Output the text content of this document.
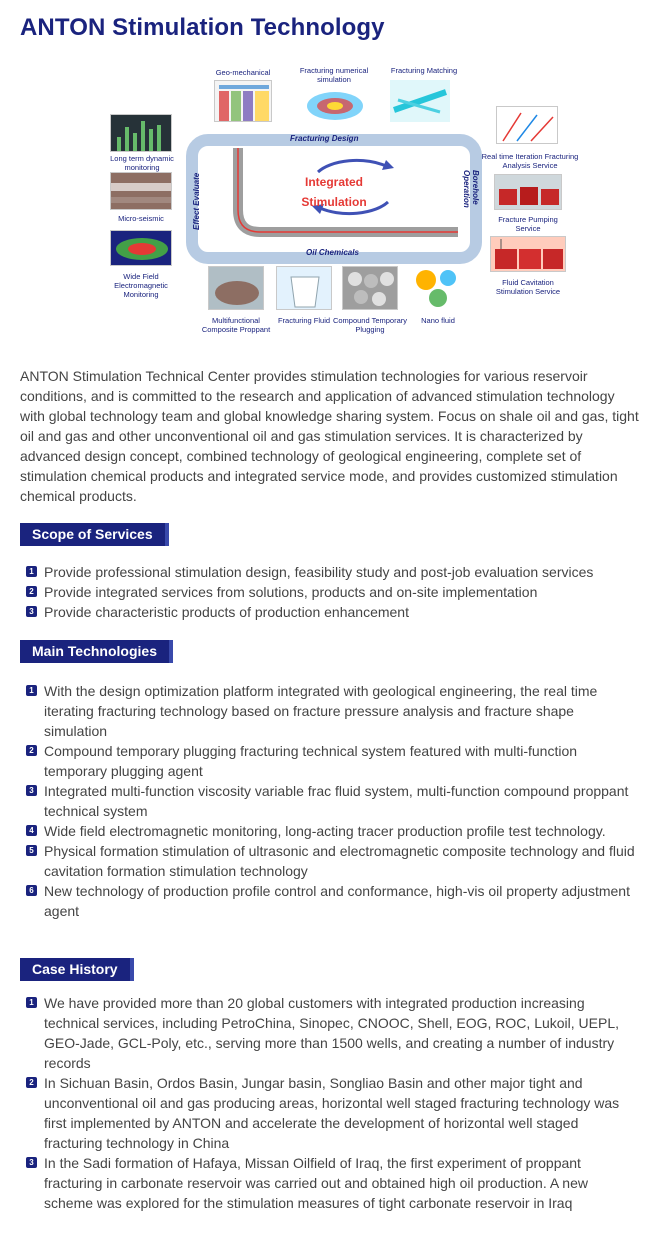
ANTON Stimulation Technology
Geo-mechanical	Fracturing numerical simulation
Fracturing Matching
Real time Iteration Fracturing Analysis Service
Fracture Pumping Service
Fluid Cavitation Stimulation Service
Long term dynamic monitoring
Micro-seismic
Wide Field Electromagnetic Monitoring
Multifunctional Composite Proppant
Fracturing Fluid Compound Temporary Plugging
Nano fluid
Fracturing Design
Oil Chemicals
Effect Evaluate	Borehole Operation
Integrated
Stimulation

ANTON Stimulation Technical Center provides stimulation technologies for various reservoir conditions, and is committed to the research and application of advanced stimulation technology with global technology team and global knowledge sharing system. Focus on shale oil and gas, tight oil and gas and other unconventional oil and gas stimulation services. It is characterized by advanced design concept, combined technology of geological engineering, complete set of stimulation chemical products and integrated service mode, and provides customized stimulation chemical products.

Scope of Services
1 Provide professional stimulation design, feasibility study and post-job evaluation services
2 Provide integrated services from solutions, products and on-site implementation
3 Provide characteristic products of production enhancement
Main Technologies
1 With the design optimization platform integrated with geological engineering, the real time iterating fracturing technology based on fracture pressure analysis and fracture shape simulation
2 Compound temporary plugging fracturing technical system featured with multi-function temporary plugging agent
3 Integrated multi-function viscosity variable frac fluid system, multi-function compound proppant technical system
4 Wide field electromagnetic monitoring, long-acting tracer production profile test technology.
5 Physical formation stimulation of ultrasonic and electromagnetic composite technology and fluid cavitation formation stimulation technology
6 New technology of production profile control and conformance, high-vis oil property adjustment agent
Case History
1 We have provided more than 20 global customers with integrated production increasing technical services, including PetroChina, Sinopec, CNOOC, Shell, EOG, ROC, Lukoil, UEPL, GEO-Jade, GCL-Poly, etc., serving more than 1500 wells, and creating a number of industry records
2 In Sichuan Basin, Ordos Basin, Jungar basin, Songliao Basin and other major tight and unconventional oil and gas producing areas, horizontal well staged fracturing technology was first implemented by ANTON and accelerate the development of horizontal well staged fracturing technology in China
3 In the Sadi formation of Hafaya, Missan Oilfield of Iraq, the first experiment of proppant fracturing in carbonate reservoir was carried out and obtained high oil production. A new scheme was explored for the stimulation measures of tight carbonate reservoir in Iraq
